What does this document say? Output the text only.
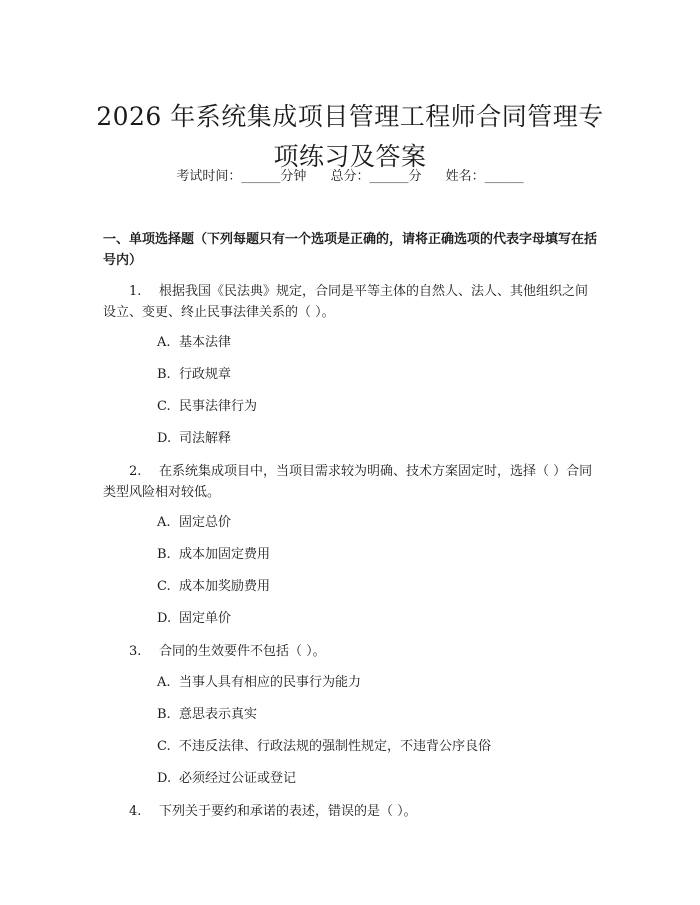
2026 年系统集成项目管理工程师合同管理专
项练习及答案
考试时间：______分钟 总分：______分 姓名：______
一、单项选择题（下列每题只有一个选项是正确的，请将正确选项的代表字母填写在括号内）
1. 根据我国《民法典》规定，合同是平等主体的自然人、法人、其他组织之间设立、变更、终止民事法律关系的（ ）。
A. 基本法律
B. 行政规章
C. 民事法律行为
D. 司法解释
2. 在系统集成项目中，当项目需求较为明确、技术方案固定时，选择（ ）合同类型风险相对较低。
A. 固定总价
B. 成本加固定费用
C. 成本加奖励费用
D. 固定单价
3. 合同的生效要件不包括（ ）。
A. 当事人具有相应的民事行为能力
B. 意思表示真实
C. 不违反法律、行政法规的强制性规定，不违背公序良俗
D. 必须经过公证或登记
4. 下列关于要约和承诺的表述，错误的是（ ）。
